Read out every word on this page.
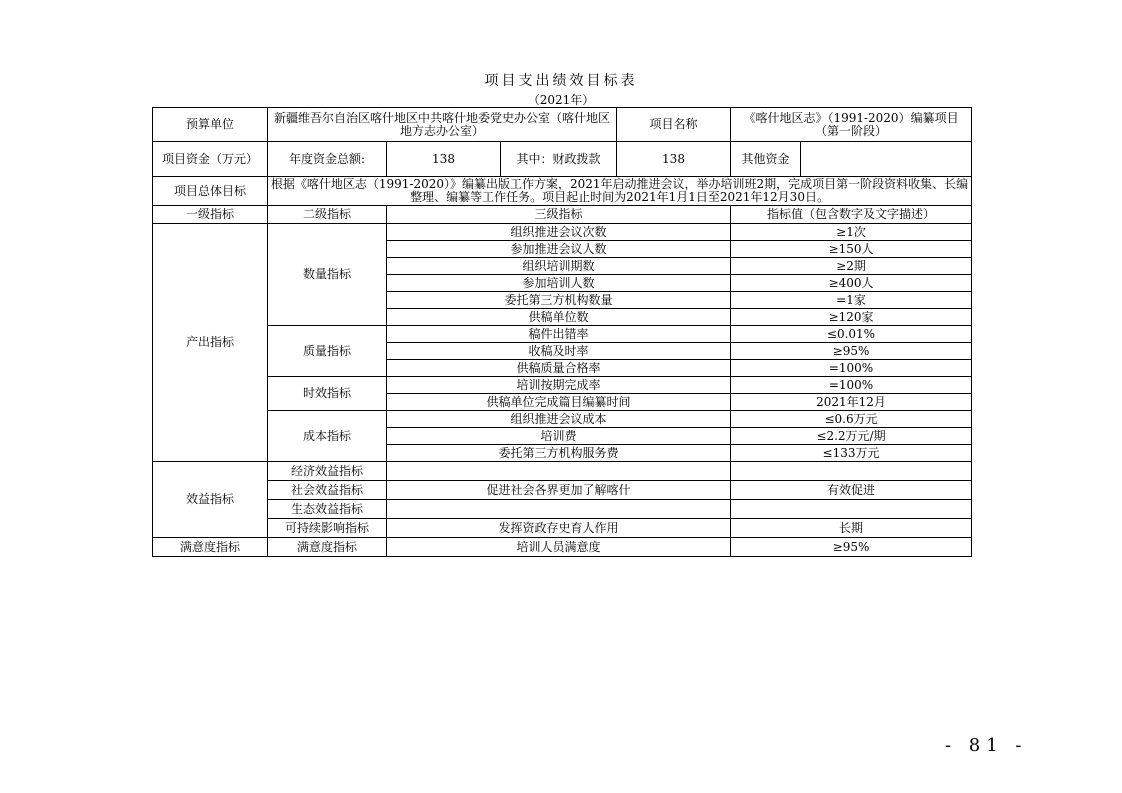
项目支出绩效目标表
（2021年）
预算单位	新疆维吾尔自治区喀什地区中共喀什地委党史办公室（喀什地区地方志办公室）			项目名称	《喀什地区志》（1991-2020）编纂项目（第一阶段）	
项目资金（万元）	年度资金总额:	138	其中：财政拨款	138	其他资金	
项目总体目标	根据《喀什地区志（1991-2020）》编纂出版工作方案，2021年启动推进会议，举办培训班2期，完成项目第一阶段资料收集、长编整理、编纂等工作任务。项目起止时间为2021年1月1日至2021年12月30日。					
一级指标	二级指标	三级指标			指标值（包含数字及文字描述）	
产出指标	数量指标	组织推进会议次数			≥1次	
		参加推进会议人数			≥150人	
		组织培训期数			≥2期	
		参加培训人数			≥400人	
		委托第三方机构数量			=1家	
		供稿单位数			≥120家	
	质量指标	稿件出错率			≤0.01%	
		收稿及时率			≥95%	
		供稿质量合格率			=100%	
	时效指标	培训按期完成率			=100%	
		供稿单位完成篇目编纂时间			2021年12月	
	成本指标	组织推进会议成本			≤0.6万元	
		培训费			≤2.2万元/期	
		委托第三方机构服务费			≤133万元	
效益指标	经济效益指标					
	社会效益指标	促进社会各界更加了解喀什			有效促进	
	生态效益指标					
	可持续影响指标	发挥资政存史育人作用			长期	
满意度指标	满意度指标	培训人员满意度			≥95%	
- 81 -
